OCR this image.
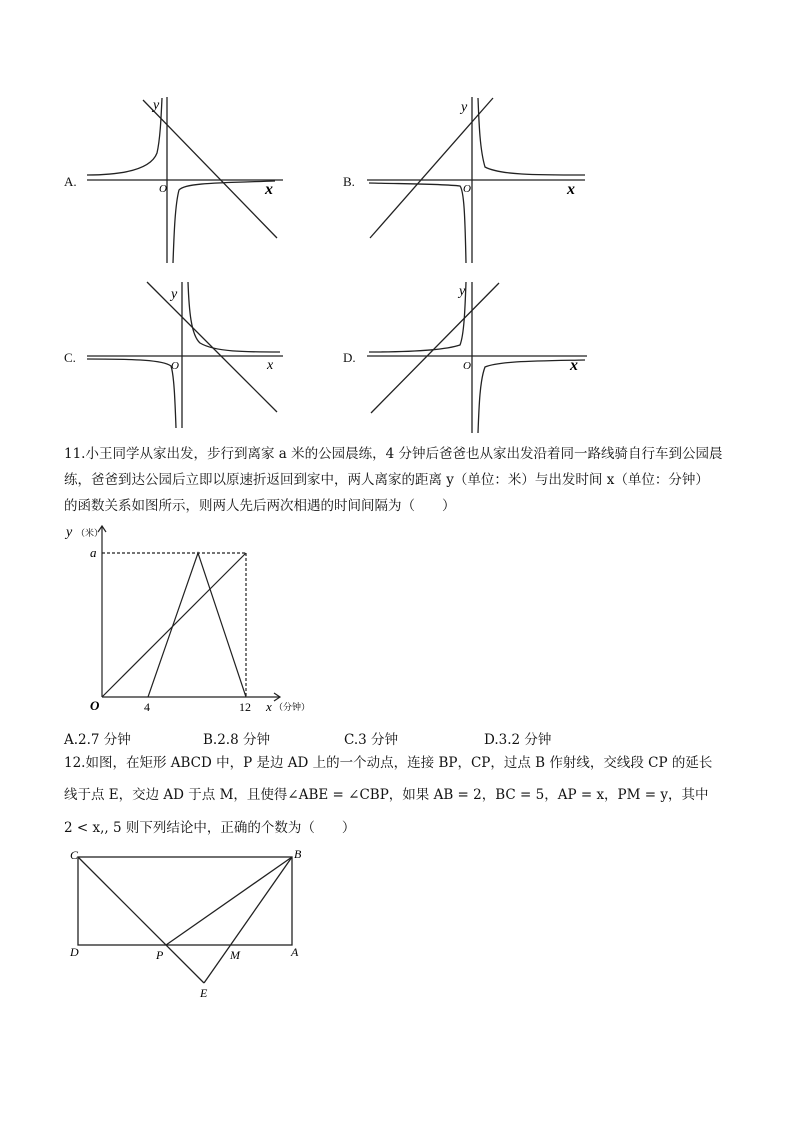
A.
y
O	x	B.
y
O	x
C.
y
O	x
D.
y
O	x
11.小王同学从家出发，步行到离家 a 米的公园晨练，4 分钟后爸爸也从家出发沿着同一路线骑自行车到公园晨
练，爸爸到达公园后立即以原速折返回到家中，两人离家的距离 y（单位：米）与出发时间 x（单位：分钟）
的函数关系如图所示，则两人先后两次相遇的时间间隔为（　　）
y （米）
a
O	4	12 x （分钟）
A.2.7 分钟	B.2.8 分钟	C.3 分钟	D.3.2 分钟
12.如图，在矩形 ABCD 中，P 是边 AD 上的一个动点，连接 BP，CP，过点 B 作射线，交线段 CP 的延长
线于点 E，交边 AD 于点 M，且使得∠ABE = ∠CBP，如果 AB = 2，BC = 5，AP = x，PM = y，其中
2 < x,, 5 则下列结论中，正确的个数为（　　）
C	B
D	P	M	A
E
